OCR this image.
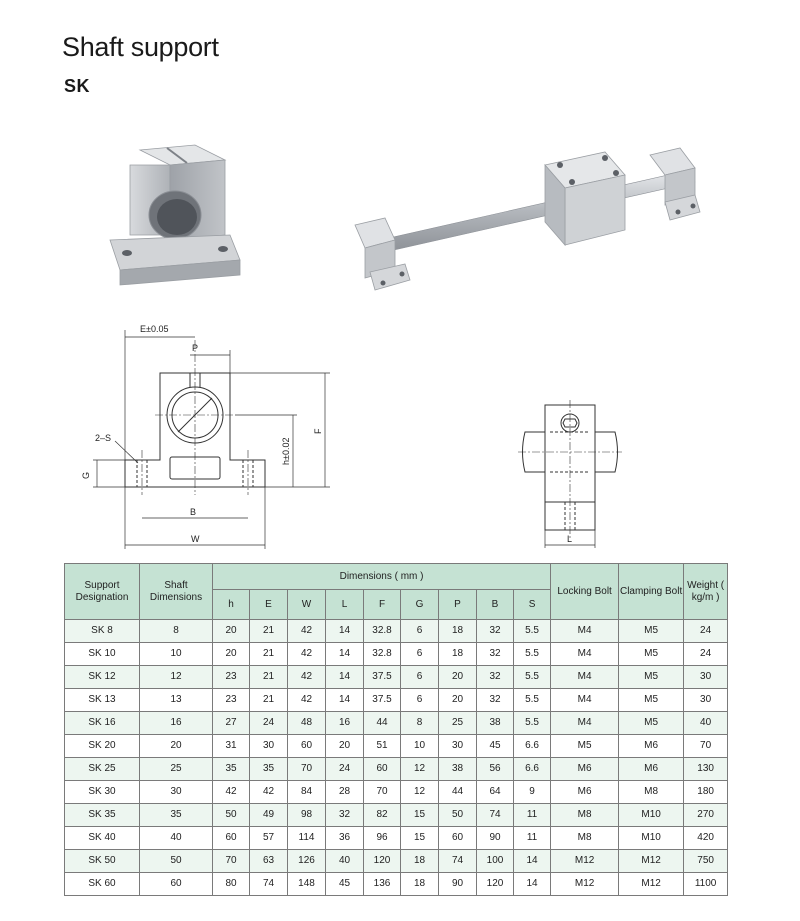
Shaft support
SK
E±0.05
P
2–S
G
h±0.02
F
B
W	L
Support Designation	Shaft Dimensions	Dimensions ( mm )									Locking Bolt	Clamping Bolt	Weight ( kg/m )
		h	E	W	L	F	G	P	B	S			
SK 8	8	20	21	42	14	32.8	6	18	32	5.5	M4	M5	24
SK 10	10	20	21	42	14	32.8	6	18	32	5.5	M4	M5	24
SK 12	12	23	21	42	14	37.5	6	20	32	5.5	M4	M5	30
SK 13	13	23	21	42	14	37.5	6	20	32	5.5	M4	M5	30
SK 16	16	27	24	48	16	44	8	25	38	5.5	M4	M5	40
SK 20	20	31	30	60	20	51	10	30	45	6.6	M5	M6	70
SK 25	25	35	35	70	24	60	12	38	56	6.6	M6	M6	130
SK 30	30	42	42	84	28	70	12	44	64	9	M6	M8	180
SK 35	35	50	49	98	32	82	15	50	74	11	M8	M10	270
SK 40	40	60	57	114	36	96	15	60	90	11	M8	M10	420
SK 50	50	70	63	126	40	120	18	74	100	14	M12	M12	750
SK 60	60	80	74	148	45	136	18	90	120	14	M12	M12	1100
